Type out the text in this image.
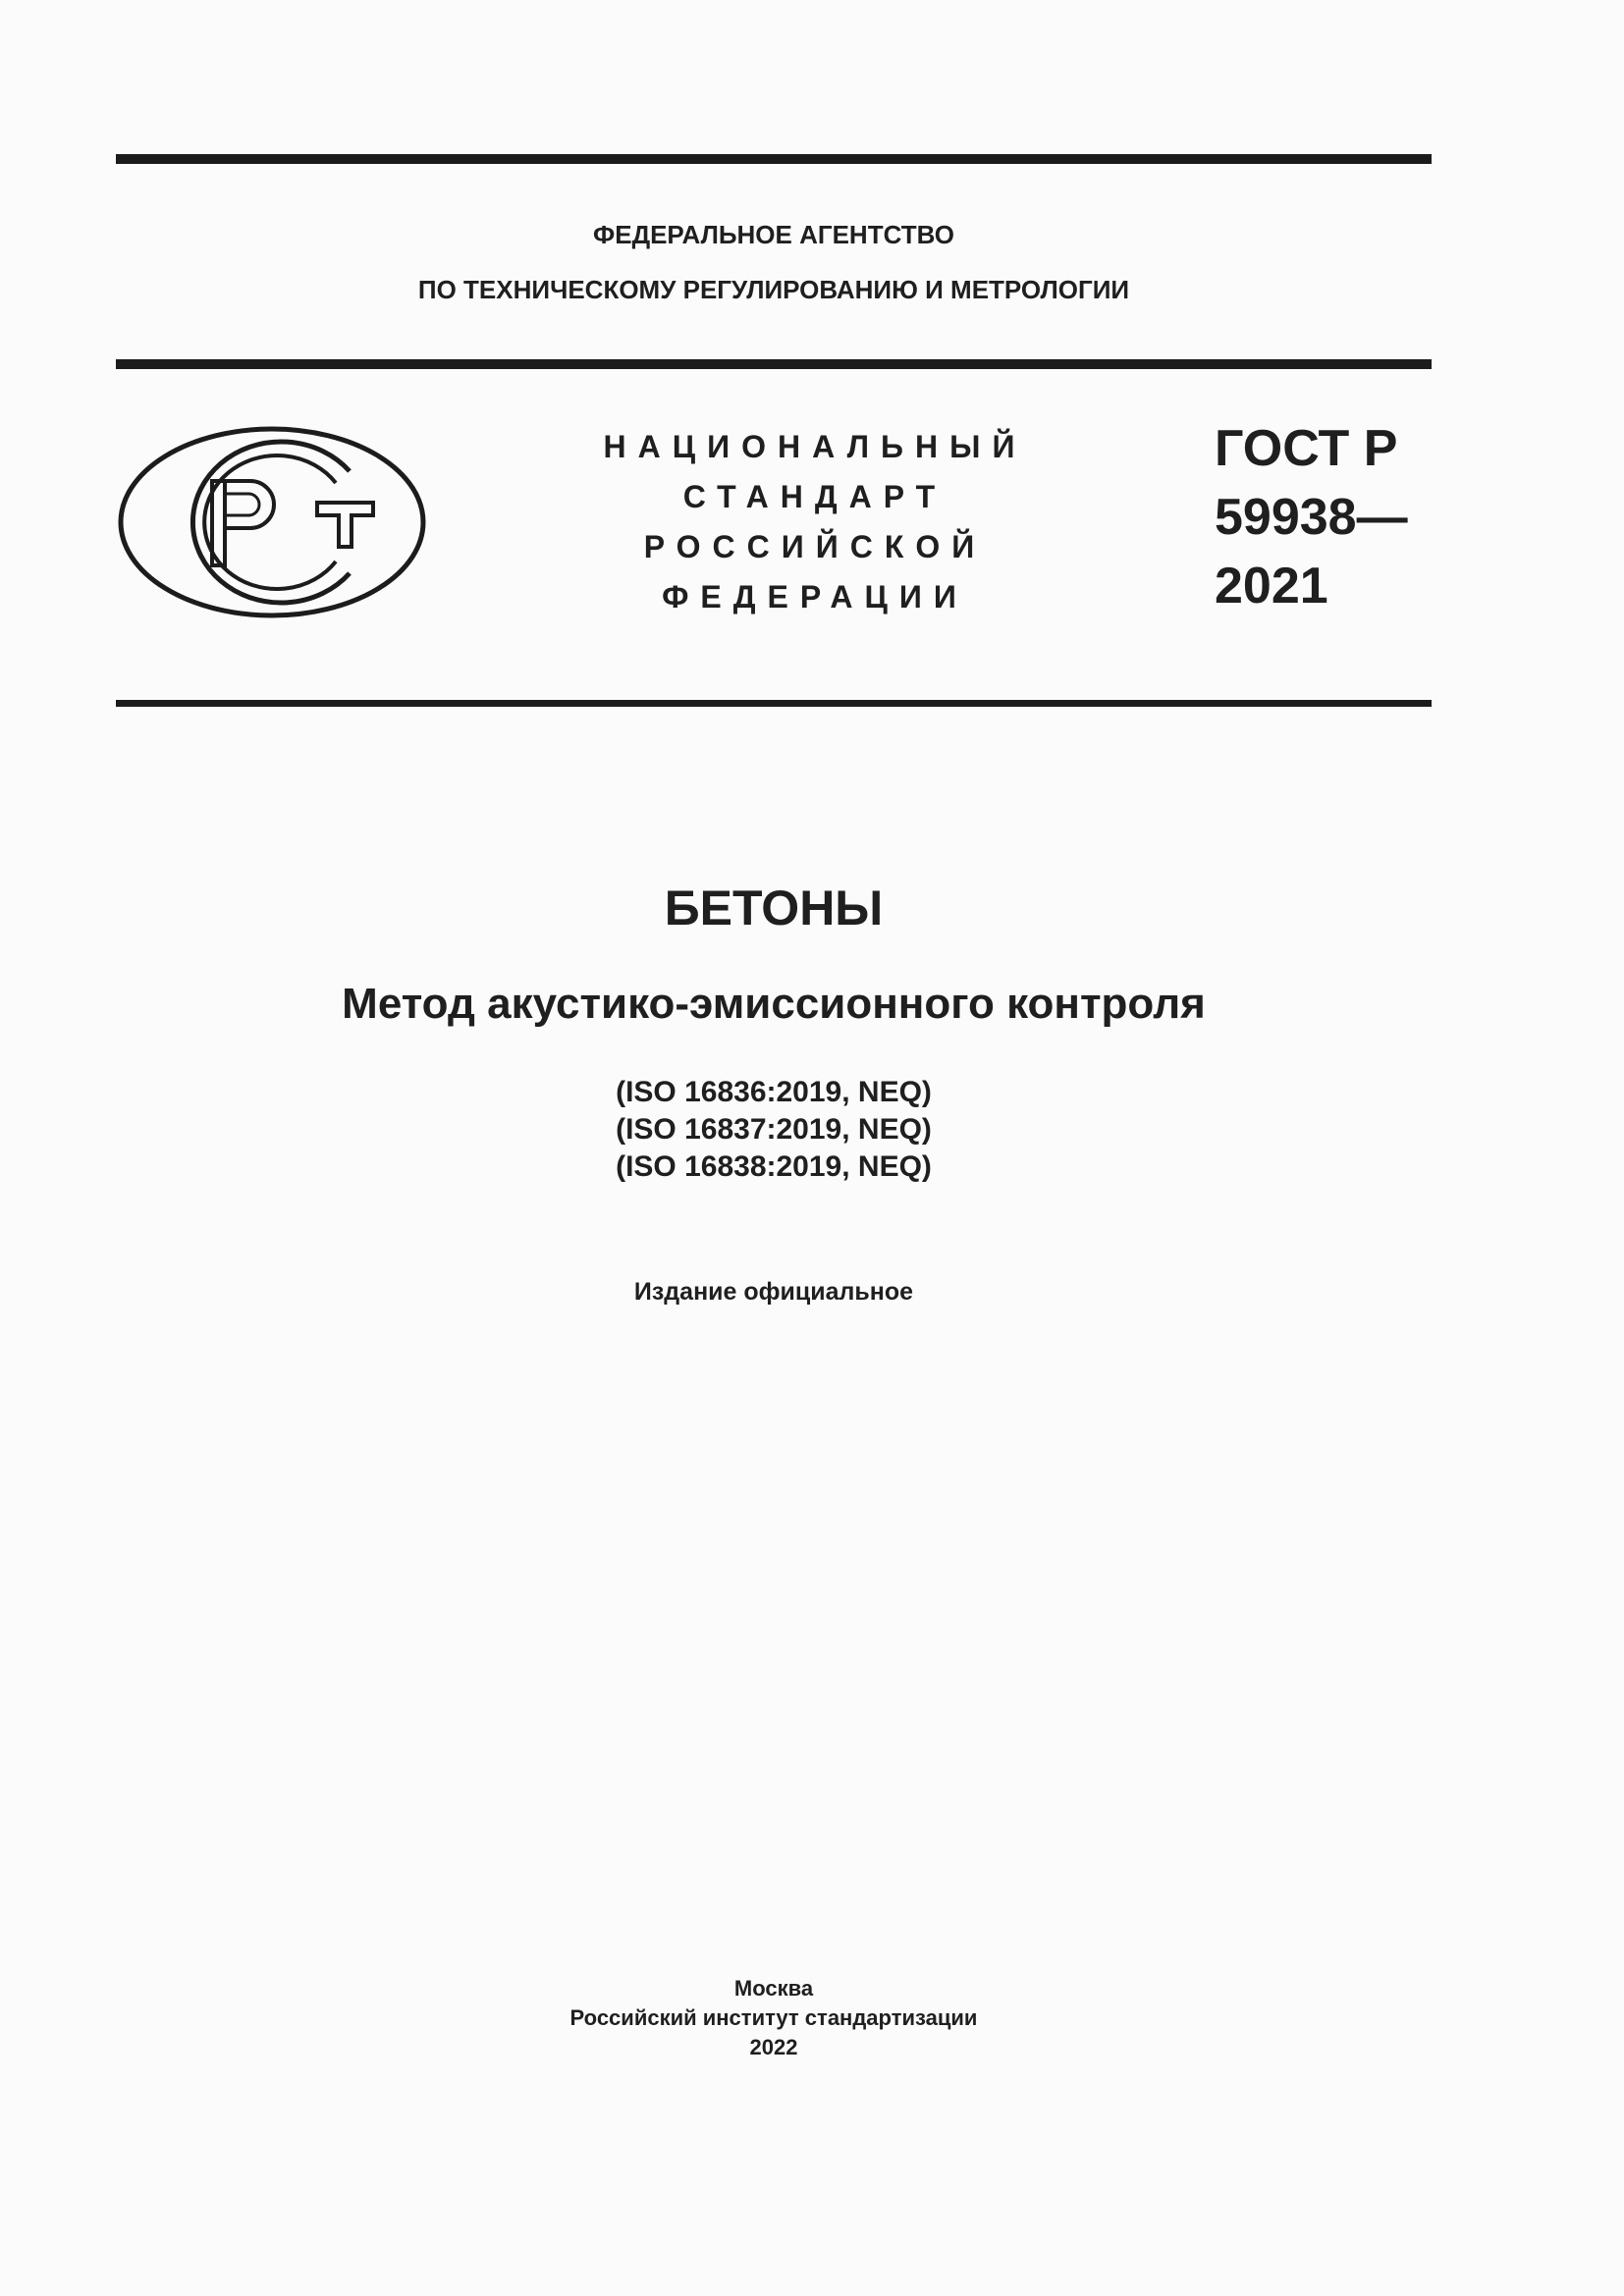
ФЕДЕРАЛЬНОЕ АГЕНТСТВО
ПО ТЕХНИЧЕСКОМУ РЕГУЛИРОВАНИЮ И МЕТРОЛОГИИ
НАЦИОНАЛЬНЫЙ
СТАНДАРТ
РОССИЙСКОЙ
ФЕДЕРАЦИИ
ГОСТ Р
59938—
2021
БЕТОНЫ
Метод акустико-эмиссионного контроля
(ISO 16836:2019, NEQ)
(ISO 16837:2019, NEQ)
(ISO 16838:2019, NEQ)
Издание официальное
Москва
Российский институт стандартизации
2022
